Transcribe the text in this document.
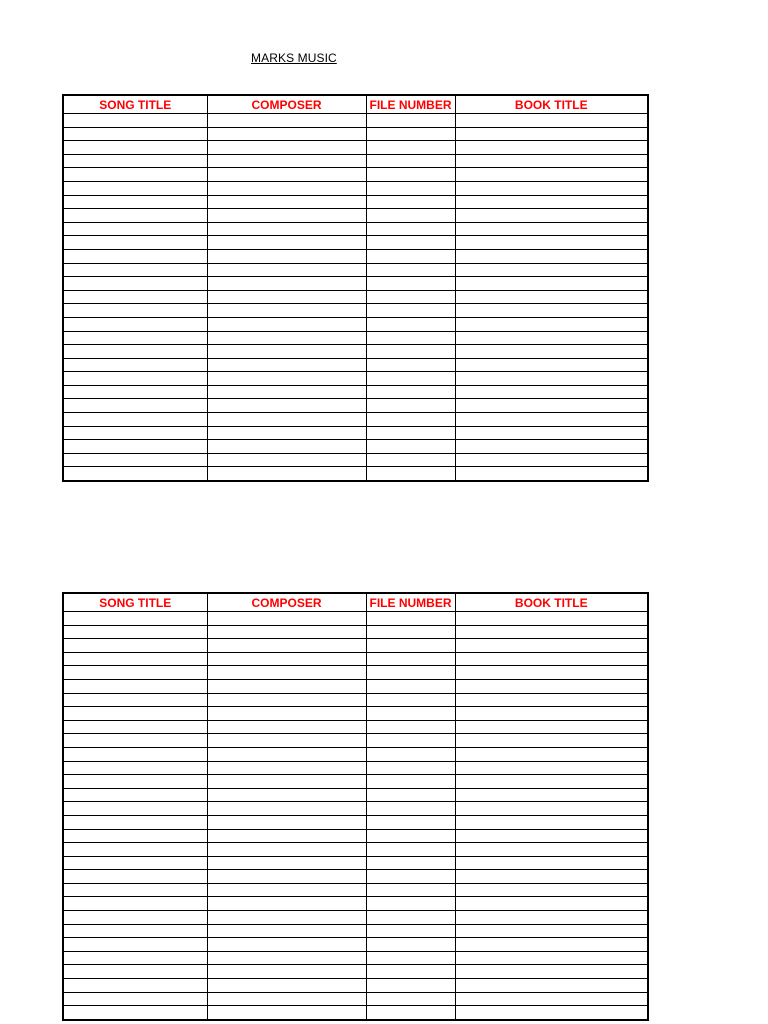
MARKS MUSIC
SONG TITLE	COMPOSER	FILE NUMBER	BOOK TITLE

SONG TITLE	COMPOSER	FILE NUMBER	BOOK TITLE
